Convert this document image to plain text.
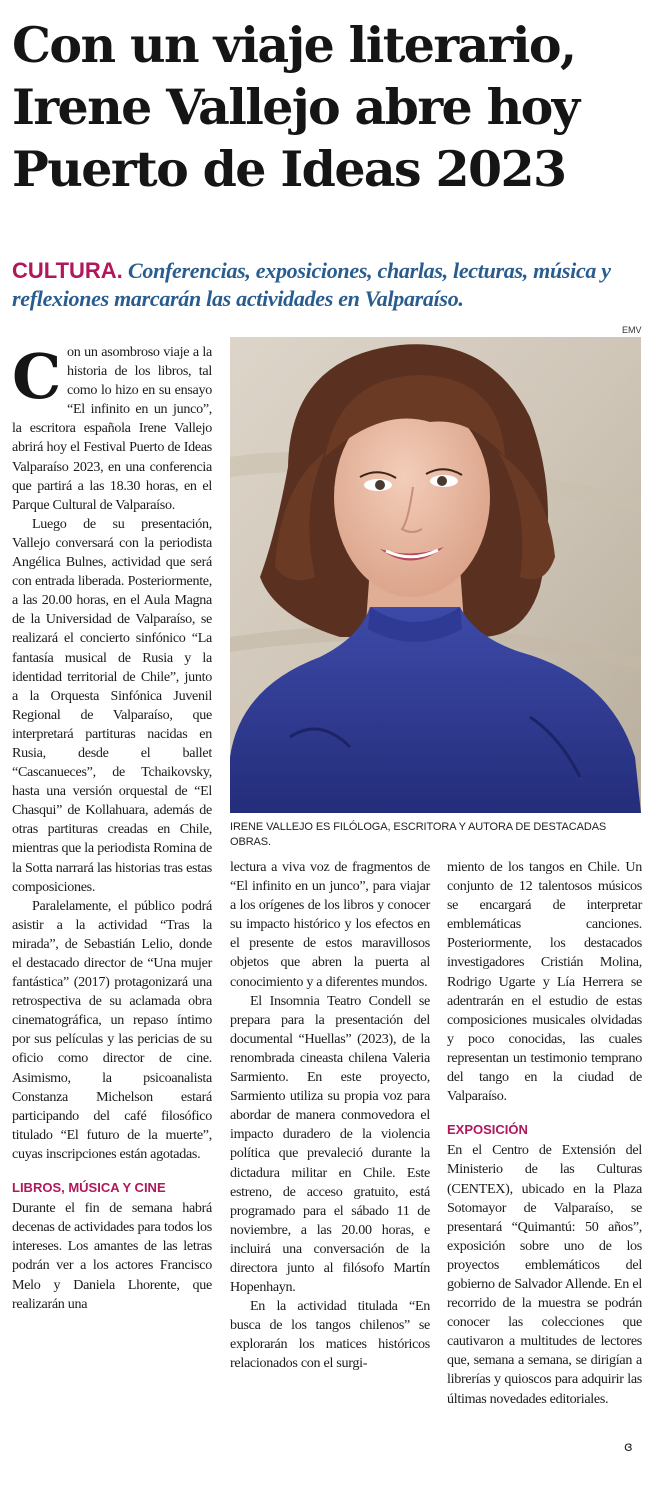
Con un viaje literario,
Irene Vallejo abre hoy
Puerto de Ideas 2023
CULTURA. Conferencias, exposiciones, charlas, lecturas, música y reflexiones marcarán las actividades en Valparaíso.
EMV
IRENE VALLEJO ES FILÓLOGA, ESCRITORA Y AUTORA DE DESTACADAS OBRAS.
C on un asombroso viaje a la historia de los libros, tal como lo hizo en su ensayo “El infinito en un junco”, la escritora española Irene Vallejo abrirá hoy el Festival Puerto de Ideas Valparaíso 2023, en una conferencia que partirá a las 18.30 horas, en el Parque Cultural de Valparaíso.

Luego de su presentación, Vallejo conversará con la periodista Angélica Bulnes, actividad que será con entrada liberada. Posteriormente, a las 20.00 horas, en el Aula Magna de la Universidad de Valparaíso, se realizará el concierto sinfónico “La fantasía musical de Rusia y la identidad territorial de Chile”, junto a la Orquesta Sinfónica Juvenil Regional de Valparaíso, que interpretará partituras nacidas en Rusia, desde el ballet “Cascanueces”, de Tchaikovsky, hasta una versión orquestal de “El Chasqui” de Kollahuara, además de otras partituras creadas en Chile, mientras que la periodista Romina de la Sotta narrará las historias tras estas composiciones.

Paralelamente, el público podrá asistir a la actividad “Tras la mirada”, de Sebastián Lelio, donde el destacado director de “Una mujer fantástica” (2017) protagonizará una retrospectiva de su aclamada obra cinematográfica, un repaso íntimo por sus películas y las pericias de su oficio como director de cine. Asimismo, la psicoanalista Constanza Michelson estará participando del café filosófico titulado “El futuro de la muerte”, cuyas inscripciones están agotadas.

LIBROS, MÚSICA Y CINE

Durante el fin de semana habrá decenas de actividades para todos los intereses. Los amantes de las letras podrán ver a los actores Francisco Melo y Daniela Lhorente, que realizarán una

lectura a viva voz de fragmentos de “El infinito en un junco”, para viajar a los orígenes de los libros y conocer su impacto histórico y los efectos en el presente de estos maravillosos objetos que abren la puerta al conocimiento y a diferentes mundos.

El Insomnia Teatro Condell se prepara para la presentación del documental “Huellas” (2023), de la renombrada cineasta chilena Valeria Sarmiento. En este proyecto, Sarmiento utiliza su propia voz para abordar de manera conmovedora el impacto duradero de la violencia política que prevaleció durante la dictadura militar en Chile. Este estreno, de acceso gratuito, está programado para el sábado 11 de noviembre, a las 20.00 horas, e incluirá una conversación de la directora junto al filósofo Martín Hopenhayn.

En la actividad titulada “En busca de los tangos chilenos” se explorarán los matices históricos relacionados con el surgi-

miento de los tangos en Chile. Un conjunto de 12 talentosos músicos se encargará de interpretar emblemáticas canciones. Posteriormente, los destacados investigadores Cristián Molina, Rodrigo Ugarte y Lía Herrera se adentrarán en el estudio de estas composiciones musicales olvidadas y poco conocidas, las cuales representan un testimonio temprano del tango en la ciudad de Valparaíso.

EXPOSICIÓN

En el Centro de Extensión del Ministerio de las Culturas (CENTEX), ubicado en la Plaza Sotomayor de Valparaíso, se presentará “Quimantú: 50 años”, exposición sobre uno de los proyectos emblemáticos del gobierno de Salvador Allende. En el recorrido de la muestra se podrán conocer las colecciones que cautivaron a multitudes de lectores que, semana a semana, se dirigían a librerías y quioscos para adquirir las últimas novedades editoriales.

ɞ
